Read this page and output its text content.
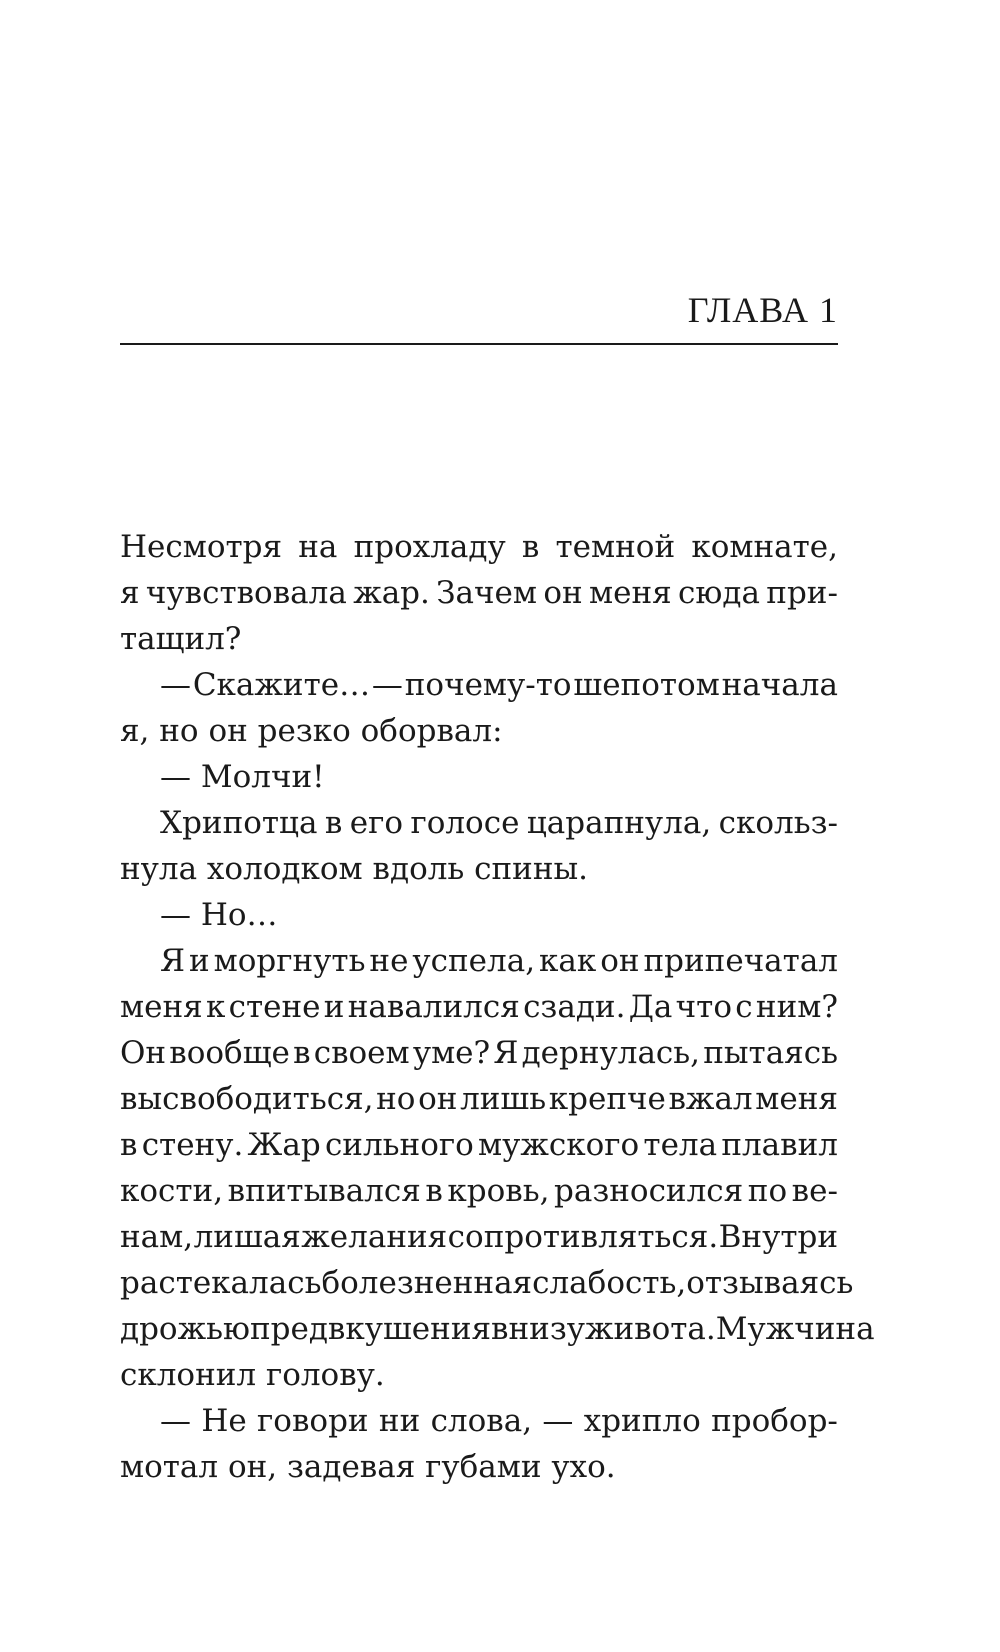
ГЛАВА 1
Несмотря на прохладу в темной комнате,
я чувствовала жар. Зачем он меня сюда при-
тащил?
— Скажите… — почему-то шепотом начала
я, но он резко оборвал:
— Молчи!
Хрипотца в его голосе царапнула, скольз-
нула холодком вдоль спины.
— Но…
Я и моргнуть не успела, как он припечатал
меня к стене и навалился сзади. Да что с ним?
Он вообще в своем уме? Я дернулась, пытаясь
высвободиться, но он лишь крепче вжал меня
в стену. Жар сильного мужского тела плавил
кости, впитывался в кровь, разносился по ве-
нам, лишая желания сопротивляться. Внутри
растекалась болезненная слабость, отзываясь
дрожью предвкушения внизу живота. Мужчина
склонил голову.
— Не говори ни слова, — хрипло пробор-
мотал он, задевая губами ухо.
